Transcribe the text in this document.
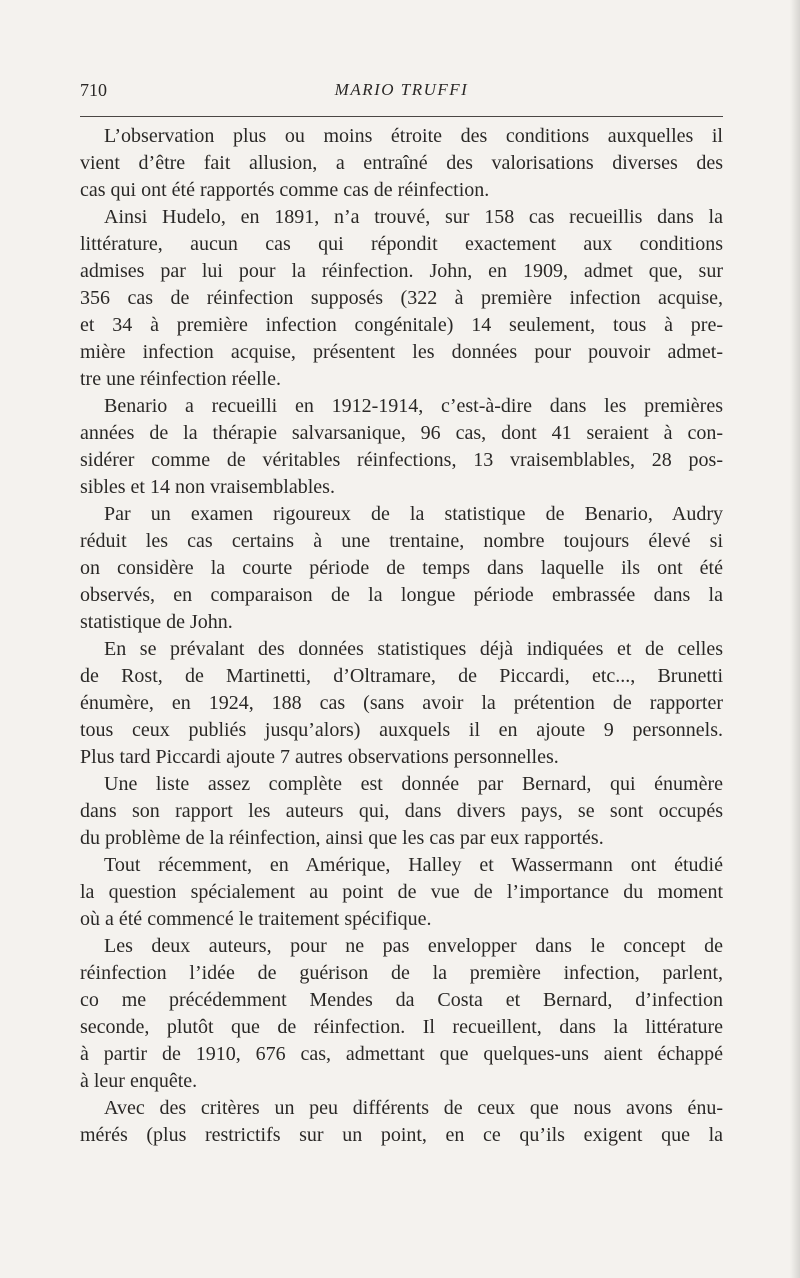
710	MARIO TRUFFI
L’observation plus ou moins étroite des conditions auxquelles il
vient d’être fait allusion, a entraîné des valorisations diverses des
cas qui ont été rapportés comme cas de réinfection.
Ainsi Hudelo, en 1891, n’a trouvé, sur 158 cas recueillis dans la
littérature, aucun cas qui répondit exactement aux conditions
admises par lui pour la réinfection. John, en 1909, admet que, sur
356 cas de réinfection supposés (322 à première infection acquise,
et 34 à première infection congénitale) 14 seulement, tous à pre-
mière infection acquise, présentent les données pour pouvoir admet-
tre une réinfection réelle.
Benario a recueilli en 1912-1914, c’est-à-dire dans les premières
années de la thérapie salvarsanique, 96 cas, dont 41 seraient à con-
sidérer comme de véritables réinfections, 13 vraisemblables, 28 pos-
sibles et 14 non vraisemblables.
Par un examen rigoureux de la statistique de Benario, Audry
réduit les cas certains à une trentaine, nombre toujours élevé si
on considère la courte période de temps dans laquelle ils ont été
observés, en comparaison de la longue période embrassée dans la
statistique de John.
En se prévalant des données statistiques déjà indiquées et de celles
de Rost, de Martinetti, d’Oltramare, de Piccardi, etc..., Brunetti
énumère, en 1924, 188 cas (sans avoir la prétention de rapporter
tous ceux publiés jusqu’alors) auxquels il en ajoute 9 personnels.
Plus tard Piccardi ajoute 7 autres observations personnelles.
Une liste assez complète est donnée par Bernard, qui énumère
dans son rapport les auteurs qui, dans divers pays, se sont occupés
du problème de la réinfection, ainsi que les cas par eux rapportés.
Tout récemment, en Amérique, Halley et Wassermann ont étudié
la question spécialement au point de vue de l’importance du moment
où a été commencé le traitement spécifique.
Les deux auteurs, pour ne pas envelopper dans le concept de
réinfection l’idée de guérison de la première infection, parlent,
co me précédemment Mendes da Costa et Bernard, d’infection
seconde, plutôt que de réinfection. Il recueillent, dans la littérature
à partir de 1910, 676 cas, admettant que quelques-uns aient échappé
à leur enquête.
Avec des critères un peu différents de ceux que nous avons énu-
mérés (plus restrictifs sur un point, en ce qu’ils exigent que la
